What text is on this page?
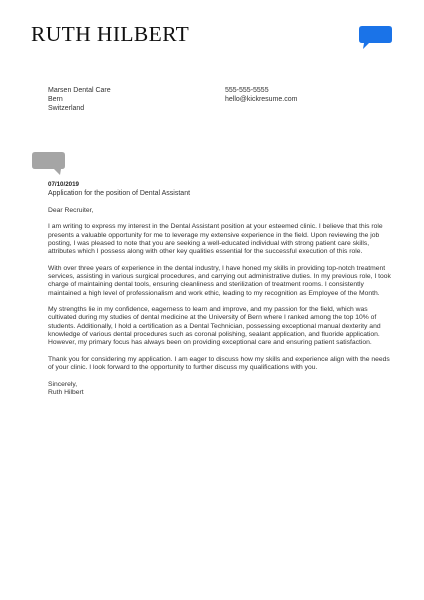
RUTH HILBERT
Marsen Dental Care
Bern
Switzerland
555-555-5555
hello@kickresume.com
07/10/2019
Application for the position of Dental Assistant

Dear Recruiter,

I am writing to express my interest in the Dental Assistant position at your esteemed clinic. I believe that this role presents a valuable opportunity for me to leverage my extensive experience in the field. Upon reviewing the job posting, I was pleased to note that you are seeking a well-educated individual with strong patient care skills, attributes which I possess along with other key qualities essential for the successful execution of this role.

With over three years of experience in the dental industry, I have honed my skills in providing top-notch treatment services, assisting in various surgical procedures, and carrying out administrative duties. In my previous role, I took charge of maintaining dental tools, ensuring cleanliness and sterilization of treatment rooms. I consistently maintained a high level of professionalism and work ethic, leading to my recognition as Employee of the Month.

My strengths lie in my confidence, eagerness to learn and improve, and my passion for the field, which was cultivated during my studies of dental medicine at the University of Bern where I ranked among the top 10% of students. Additionally, I hold a certification as a Dental Technician, possessing exceptional manual dexterity and knowledge of various dental procedures such as coronal polishing, sealant application, and fluoride application. However, my primary focus has always been on providing exceptional care and ensuring patient satisfaction.

Thank you for considering my application. I am eager to discuss how my skills and experience align with the needs of your clinic. I look forward to the opportunity to further discuss my qualifications with you.

Sincerely,
Ruth Hilbert
